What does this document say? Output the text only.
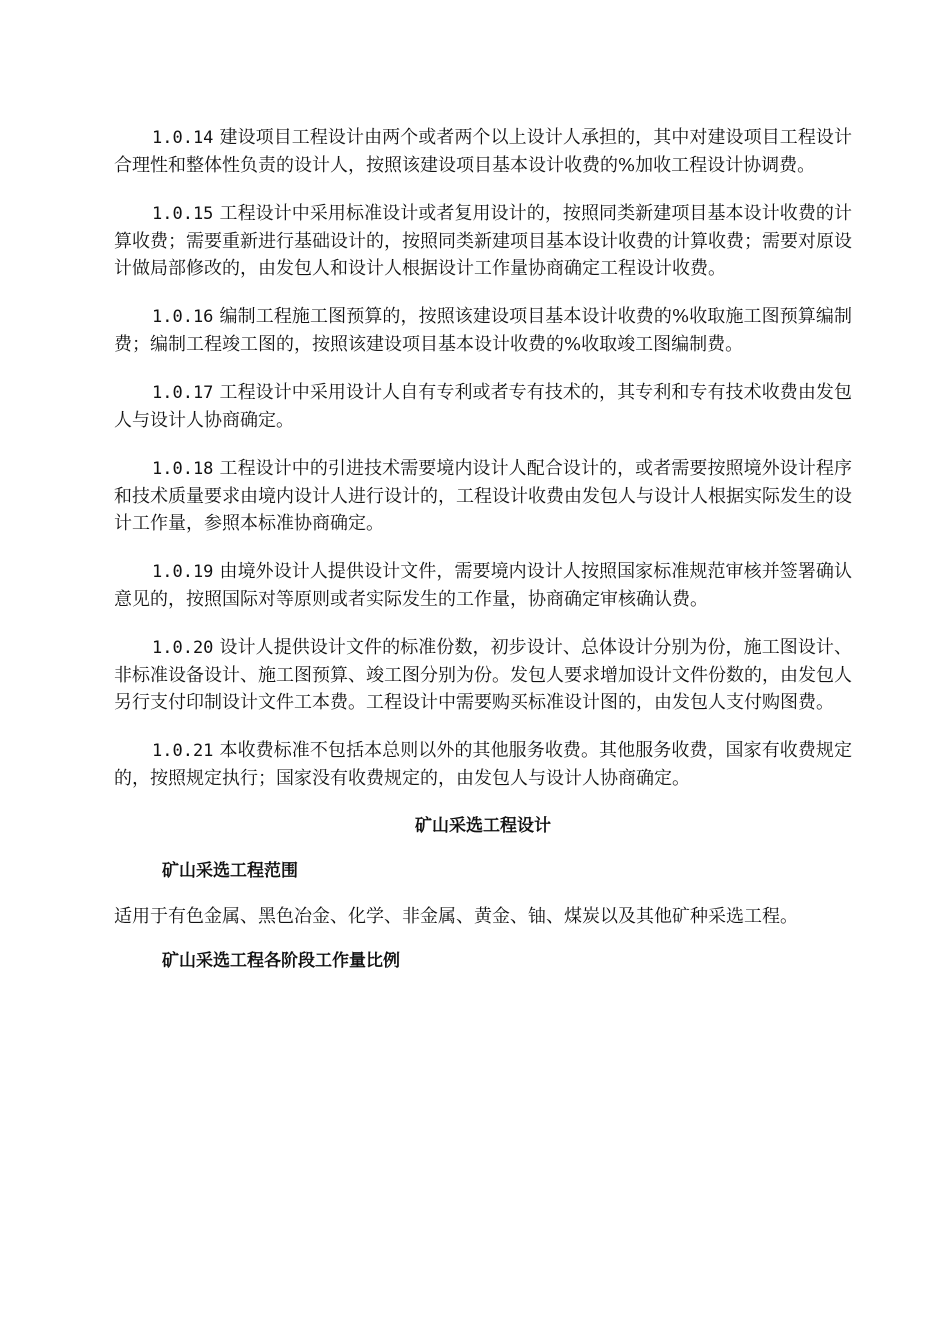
1.0.14 建设项目工程设计由两个或者两个以上设计人承担的，其中对建设项目工程设计合理性和整体性负责的设计人，按照该建设项目基本设计收费的%加收工程设计协调费。

1.0.15 工程设计中采用标准设计或者复用设计的，按照同类新建项目基本设计收费的计算收费；需要重新进行基础设计的，按照同类新建项目基本设计收费的计算收费；需要对原设计做局部修改的，由发包人和设计人根据设计工作量协商确定工程设计收费。

1.0.16 编制工程施工图预算的，按照该建设项目基本设计收费的%收取施工图预算编制费；编制工程竣工图的，按照该建设项目基本设计收费的%收取竣工图编制费。

1.0.17 工程设计中采用设计人自有专利或者专有技术的，其专利和专有技术收费由发包人与设计人协商确定。

1.0.18 工程设计中的引进技术需要境内设计人配合设计的，或者需要按照境外设计程序和技术质量要求由境内设计人进行设计的，工程设计收费由发包人与设计人根据实际发生的设计工作量，参照本标准协商确定。

1.0.19 由境外设计人提供设计文件，需要境内设计人按照国家标准规范审核并签署确认意见的，按照国际对等原则或者实际发生的工作量，协商确定审核确认费。

1.0.20 设计人提供设计文件的标准份数，初步设计、总体设计分别为份，施工图设计、非标准设备设计、施工图预算、竣工图分别为份。发包人要求增加设计文件份数的，由发包人另行支付印制设计文件工本费。工程设计中需要购买标准设计图的，由发包人支付购图费。

1.0.21 本收费标准不包括本总则以外的其他服务收费。其他服务收费，国家有收费规定的，按照规定执行；国家没有收费规定的，由发包人与设计人协商确定。

矿山采选工程设计
矿山采选工程范围
适用于有色金属、黑色冶金、化学、非金属、黄金、铀、煤炭以及其他矿种采选工程。
矿山采选工程各阶段工作量比例
